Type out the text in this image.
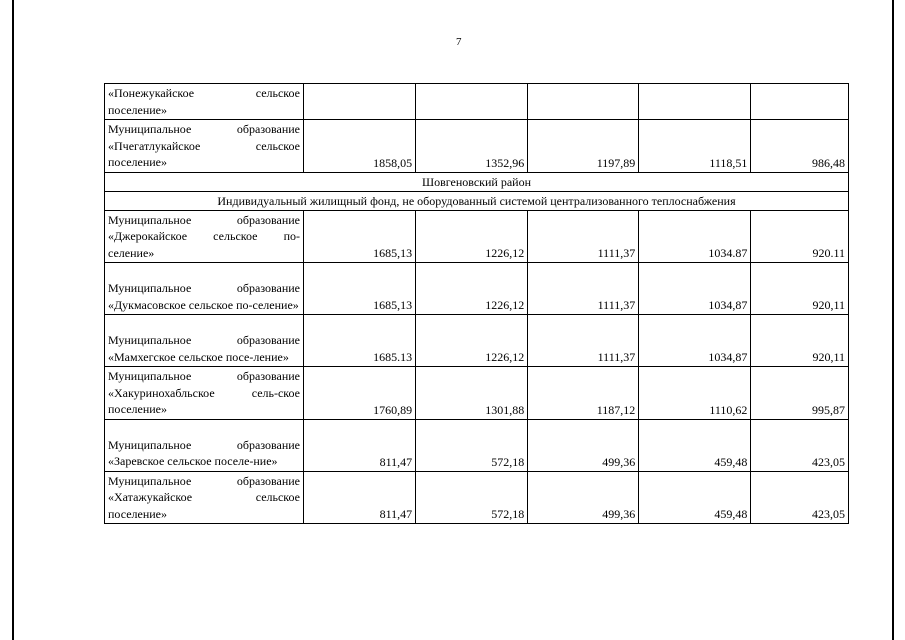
7
«Понежукайское сельское поселение»					
Муниципальное образование «Пчегатлукайское сельское поселение»	1858,05	1352,96	1197,89	1118,51	986,48
Шовгеновский район					
Индивидуальный жилищный фонд, не оборудованный системой централизованного теплоснабжения					
Муниципальное образование «Джерокайское сельское по-селение»	1685,13	1226,12	1111,37	1034.87	920.11
Муниципальное образование «Дукмасовское сельское по-селение»	1685,13	1226,12	1111,37	1034,87	920,11
Муниципальное образование «Мамхегское сельское посе-ление»	1685.13	1226,12	1111,37	1034,87	920,11
Муниципальное образование «Хакуринохабльское сель-ское поселение»	1760,89	1301,88	1187,12	1110,62	995,87
Муниципальное образование «Заревское сельское поселе-ние»	811,47	572,18	499,36	459,48	423,05
Муниципальное образование «Хатажукайское сельское поселение»	811,47	572,18	499,36	459,48	423,05
